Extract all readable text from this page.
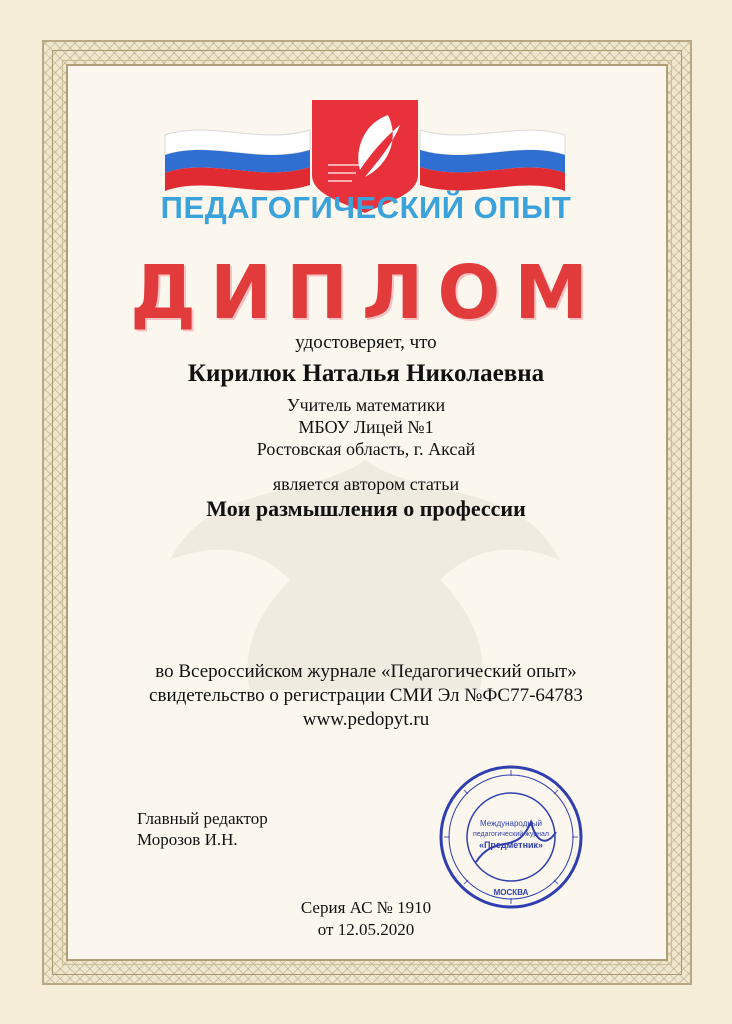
ПЕДАГОГИЧЕСКИЙ ОПЫТ
ДИПЛОМ
удостоверяет, что
Кирилюк Наталья Николаевна
Учитель математики
МБОУ Лицей №1
Ростовская область, г. Аксай
является автором статьи
Мои размышления о профессии
во Всероссийском журнале «Педагогический опыт»
свидетельство о регистрации СМИ Эл №ФС77-64783
www.pedopyt.ru
Главный редактор
Морозов И.Н.
Международный
педагогический журнал
«Предметник»
МОСКВА
Серия АС № 1910
от 12.05.2020
